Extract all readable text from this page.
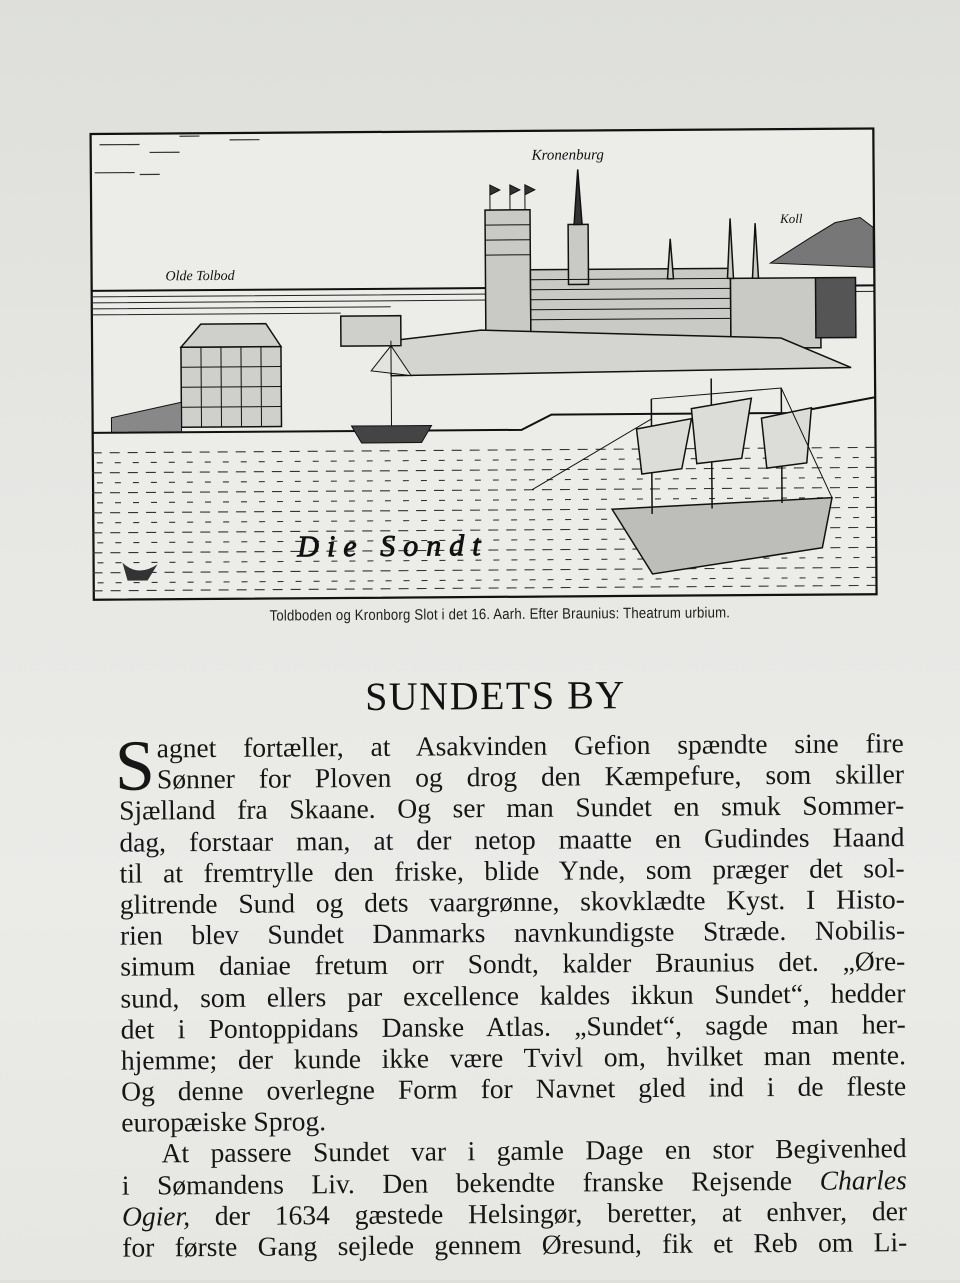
Kronenburg
Olde Tolbod
Koll
Die Sondt
Toldboden og Kronborg Slot i det 16. Aarh. Efter Braunius: Theatrum urbium.
SUNDETS BY
S agnet fortæller, at Asakvinden Gefion spændte sine fire
Sønner for Ploven og drog den Kæmpefure, som skiller
Sjælland fra Skaane. Og ser man Sundet en smuk Sommer-
dag, forstaar man, at der netop maatte en Gudindes Haand
til at fremtrylle den friske, blide Ynde, som præger det sol-
glitrende Sund og dets vaargrønne, skovklædte Kyst. I Histo-
rien blev Sundet Danmarks navnkundigste Stræde. Nobilis-
simum daniae fretum orr Sondt, kalder Braunius det. „Øre-
sund, som ellers par excellence kaldes ikkun Sundet“, hedder
det i Pontoppidans Danske Atlas. „Sundet“, sagde man her-
hjemme; der kunde ikke være Tvivl om, hvilket man mente.
Og denne overlegne Form for Navnet gled ind i de fleste
europæiske Sprog.
At passere Sundet var i gamle Dage en stor Begivenhed
i Sømandens Liv. Den bekendte franske Rejsende Charles
Ogier, der 1634 gæstede Helsingør, beretter, at enhver, der
for første Gang sejlede gennem Øresund, fik et Reb om Li-
